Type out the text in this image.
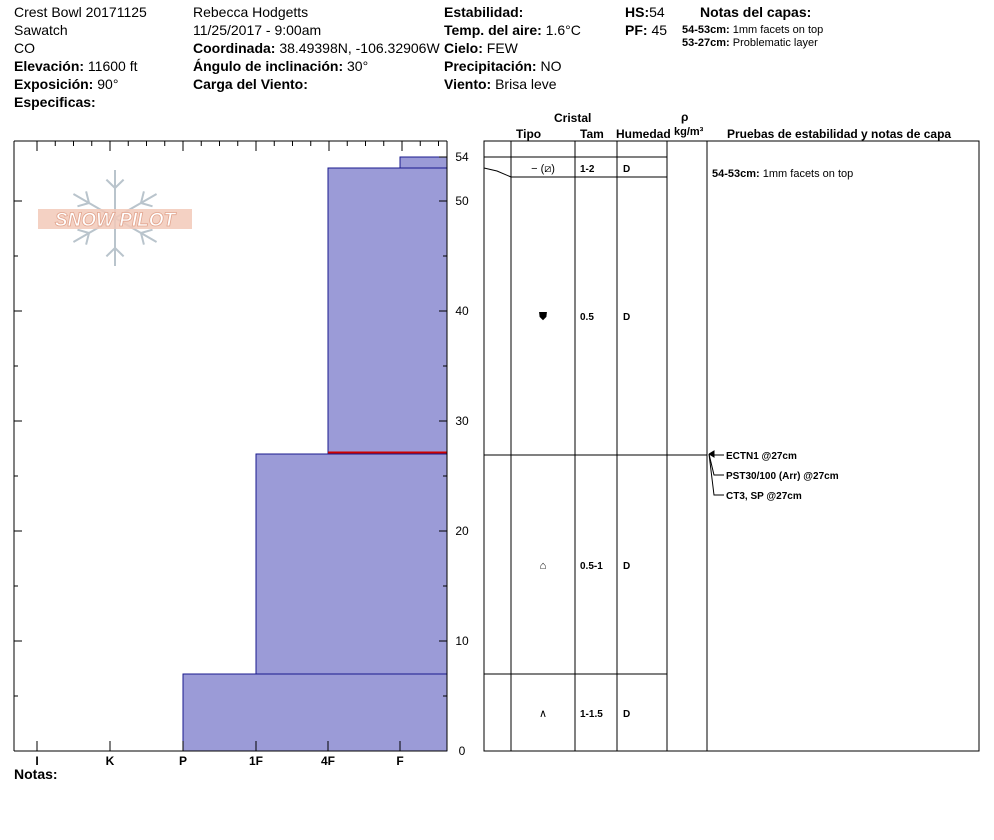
Crest Bowl 20171125
Sawatch
CO
Elevación: 11600 ft
Exposición: 90°
Especificas:
Rebecca Hodgetts
11/25/2017 - 9:00am
Coordinada: 38.49398N, -106.32906W
Ángulo de inclinación: 30°
Carga del Viento:
Estabilidad:
Temp. del aire: 1.6°C
Cielo: FEW
Precipitación: NO
Viento: Brisa leve
HS:54
PF: 45
Notas del capas:
54-53cm: 1mm facets on top
53-27cm: Problematic layer
Cristal
Tipo	Tam Humedad
ρ
kg/m³ Pruebas de estabilidad y notas de capa
SNOW PILOT
0
10
20
30
40
50
54
I	K	P	1F	4F	F
− (⧄)	1-2	D
⛊	0.5	D
⌂	0.5-1 D
∧	1-1.5 D
54-53cm: 1mm facets on top
ECTN1 @27cm
PST30/100 (Arr) @27cm
CT3, SP @27cm
Notas:
